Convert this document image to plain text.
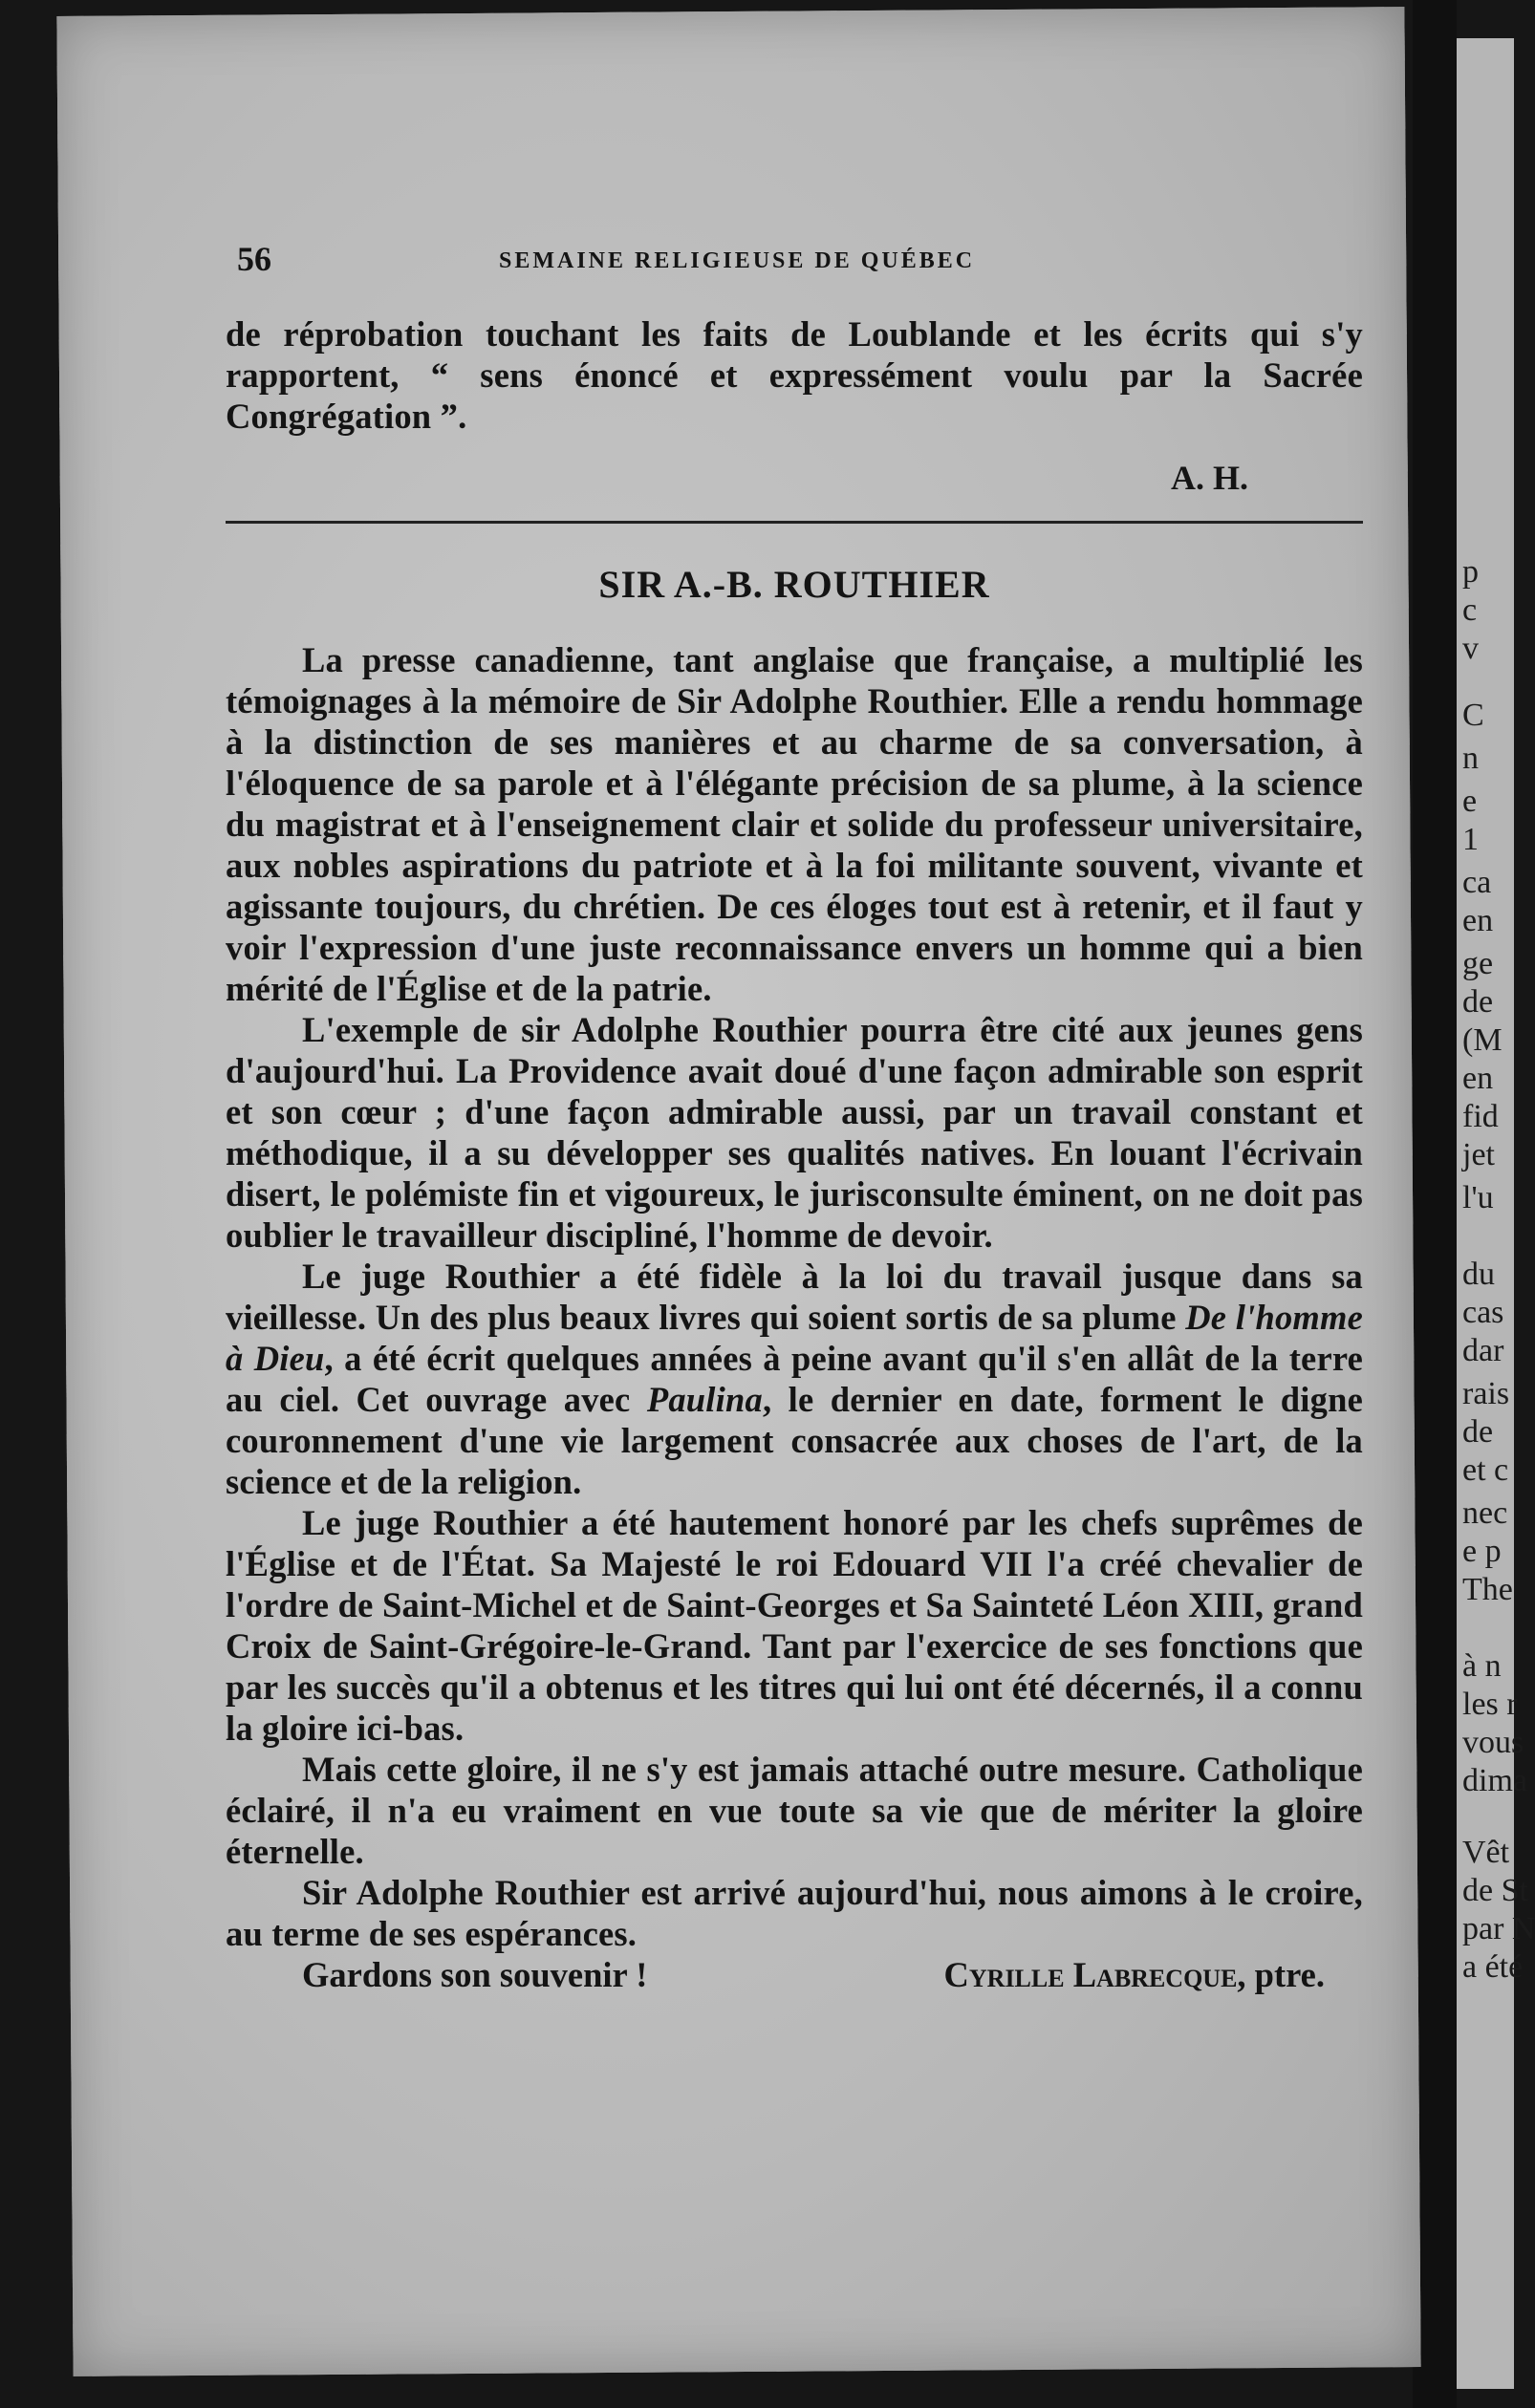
p
c
v
C
n
e
1
ca
en
ge
de
(M
en
fid
jet
l'u
du
cas
dar
rais
de
et c
nec
e p
The
à n
les r
vous
dima
Vêt
de St
par N
a été
56	SEMAINE RELIGIEUSE DE QUÉBEC

de réprobation touchant les faits de Loublande et les écrits qui s'y rapportent, “ sens énoncé et expressément voulu par la Sacrée Congrégation ”.

A. H.
SIR A.-B. ROUTHIER

La presse canadienne, tant anglaise que française, a multiplié les témoignages à la mémoire de Sir Adolphe Routhier. Elle a rendu hommage à la distinction de ses manières et au charme de sa conversation, à l'éloquence de sa parole et à l'élégante précision de sa plume, à la science du magistrat et à l'enseignement clair et solide du professeur universitaire, aux nobles aspirations du patriote et à la foi militante souvent, vivante et agissante toujours, du chrétien. De ces éloges tout est à retenir, et il faut y voir l'expression d'une juste reconnaissance envers un homme qui a bien mérité de l'Église et de la patrie.

L'exemple de sir Adolphe Routhier pourra être cité aux jeunes gens d'aujourd'hui. La Providence avait doué d'une façon admirable son esprit et son cœur ; d'une façon admirable aussi, par un travail constant et méthodique, il a su développer ses qualités natives. En louant l'écrivain disert, le polémiste fin et vigoureux, le jurisconsulte éminent, on ne doit pas oublier le travailleur discipliné, l'homme de devoir.

Le juge Routhier a été fidèle à la loi du travail jusque dans sa vieillesse. Un des plus beaux livres qui soient sortis de sa plume De l'homme à Dieu, a été écrit quelques années à peine avant qu'il s'en allât de la terre au ciel. Cet ouvrage avec Paulina, le dernier en date, forment le digne couronnement d'une vie largement consacrée aux choses de l'art, de la science et de la religion.

Le juge Routhier a été hautement honoré par les chefs suprêmes de l'Église et de l'État. Sa Majesté le roi Edouard VII l'a créé chevalier de l'ordre de Saint-Michel et de Saint-Georges et Sa Sainteté Léon XIII, grand Croix de Saint-Grégoire-le-Grand. Tant par l'exercice de ses fonctions que par les succès qu'il a obtenus et les titres qui lui ont été décernés, il a connu la gloire ici-bas.

Mais cette gloire, il ne s'y est jamais attaché outre mesure. Catholique éclairé, il n'a eu vraiment en vue toute sa vie que de mériter la gloire éternelle.

Sir Adolphe Routhier est arrivé aujourd'hui, nous aimons à le croire, au terme de ses espérances.

Gardons son souvenir !	Cyrille Labrecque, ptre.
